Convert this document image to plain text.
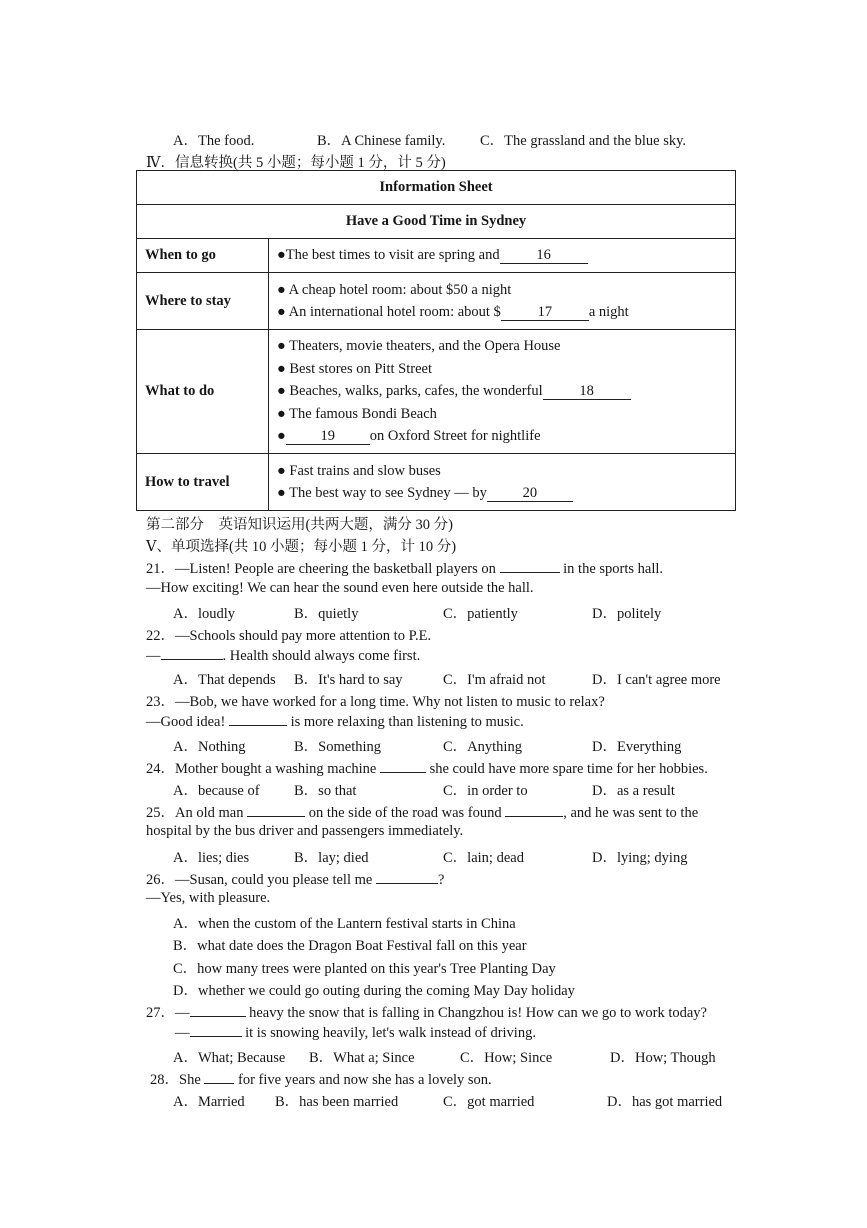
A．The food.	B．A Chinese family. C．The grassland and the blue sky.
Ⅳ．信息转换(共 5 小题；每小题 1 分，计 5 分)
Information Sheet	
Have a Good Time in Sydney	
When to go	●The best times to visit are spring and 16

Where to stay	● A cheap hotel room: about $50 a night
● An international hotel room: about $ 17 a night

What to do	● Theaters, movie theaters, and the Opera House
● Best stores on Pitt Street
● Beaches, walks, parks, cafes, the wonderful 18
● The famous Bondi Beach
● 19 on Oxford Street for nightlife

How to travel	● Fast trains and slow buses
● The best way to see Sydney — by 20
第二部分　英语知识运用(共两大题，满分 30 分)
Ⅴ、单项选择(共 10 小题；每小题 1 分，计 10 分)
21．—Listen! People are cheering the basketball players on	in the sports hall.
—How exciting! We can hear the sound even here outside the hall.
A．loudly	B．quietly	C．patiently	D．politely
22．—Schools should pay more attention to P.E.
—	. Health should always come first.
A．That depends B．It's hard to say	C．I'm afraid not	D．I can't agree more
23．—Bob, we have worked for a long time. Why not listen to music to relax?
—Good idea!	is more relaxing than listening to music.
A．Nothing	B．Something	C．Anything	D．Everything
24．Mother bought a washing machine	she could have more spare time for her hobbies.
A．because of B．so that	C．in order to	D．as a result
25．An old man	on the side of the road was found	, and he was sent to the
hospital by the bus driver and passengers immediately.
A．lies; dies	B．lay; died	C．lain; dead	D．lying; dying
26．—Susan, could you please tell me	?
—Yes, with pleasure.
A．when the custom of the Lantern festival starts in China
B．what date does the Dragon Boat Festival fall on this year
C．how many trees were planted on this year's Tree Planting Day
D．whether we could go outing during the coming May Day holiday
27．—	heavy the snow that is falling in Changzhou is! How can we go to work today?
—	it is snowing heavily, let's walk instead of driving.
A．What; Because B．What a; Since	C．How; Since	D．How; Though
28．She	for five years and now she has a lovely son.
A．Married B．has been married	C．got married	D．has got married
